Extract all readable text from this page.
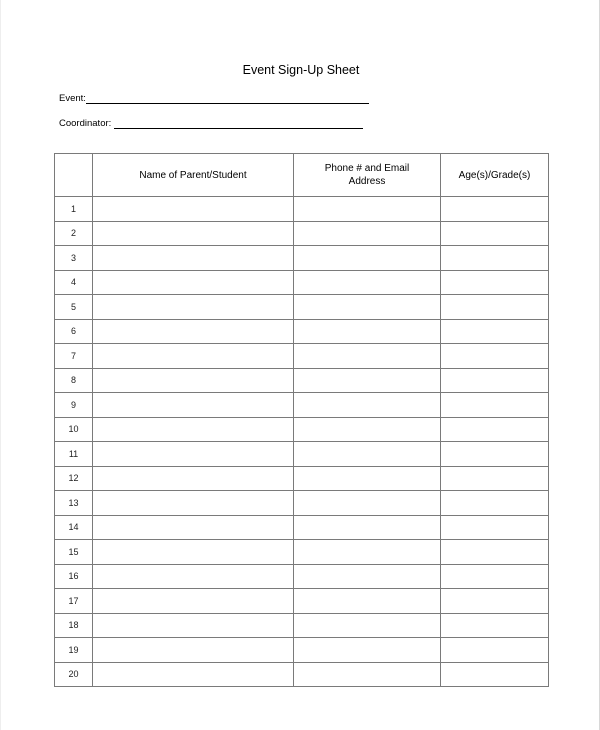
Event Sign-Up Sheet
Event:
Coordinator:
	Name of Parent/Student	Phone # and Email Address	Age(s)/Grade(s)
1			
2			
3			
4			
5			
6			
7			
8			
9			
10			
11			
12			
13			
14			
15			
16			
17			
18			
19			
20			
